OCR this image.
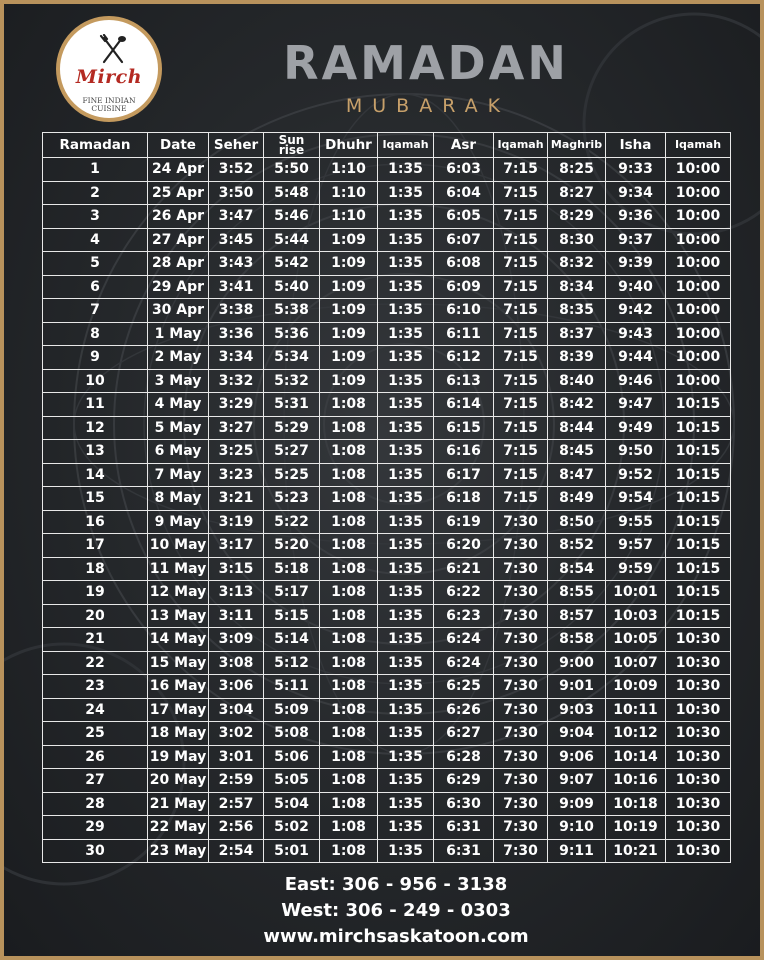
Mirch
FINE INDIAN CUISINE
RAMADAN
MUBARAK
Ramadan	Date	Seher	Sun rise	Dhuhr	Iqamah	Asr	Iqamah	Maghrib	Isha	Iqamah
1	24 Apr	3:52	5:50	1:10	1:35	6:03	7:15	8:25	9:33	10:00
2	25 Apr	3:50	5:48	1:10	1:35	6:04	7:15	8:27	9:34	10:00
3	26 Apr	3:47	5:46	1:10	1:35	6:05	7:15	8:29	9:36	10:00
4	27 Apr	3:45	5:44	1:09	1:35	6:07	7:15	8:30	9:37	10:00
5	28 Apr	3:43	5:42	1:09	1:35	6:08	7:15	8:32	9:39	10:00
6	29 Apr	3:41	5:40	1:09	1:35	6:09	7:15	8:34	9:40	10:00
7	30 Apr	3:38	5:38	1:09	1:35	6:10	7:15	8:35	9:42	10:00
8	1 May	3:36	5:36	1:09	1:35	6:11	7:15	8:37	9:43	10:00
9	2 May	3:34	5:34	1:09	1:35	6:12	7:15	8:39	9:44	10:00
10	3 May	3:32	5:32	1:09	1:35	6:13	7:15	8:40	9:46	10:00
11	4 May	3:29	5:31	1:08	1:35	6:14	7:15	8:42	9:47	10:15
12	5 May	3:27	5:29	1:08	1:35	6:15	7:15	8:44	9:49	10:15
13	6 May	3:25	5:27	1:08	1:35	6:16	7:15	8:45	9:50	10:15
14	7 May	3:23	5:25	1:08	1:35	6:17	7:15	8:47	9:52	10:15
15	8 May	3:21	5:23	1:08	1:35	6:18	7:15	8:49	9:54	10:15
16	9 May	3:19	5:22	1:08	1:35	6:19	7:30	8:50	9:55	10:15
17	10 May	3:17	5:20	1:08	1:35	6:20	7:30	8:52	9:57	10:15
18	11 May	3:15	5:18	1:08	1:35	6:21	7:30	8:54	9:59	10:15
19	12 May	3:13	5:17	1:08	1:35	6:22	7:30	8:55	10:01	10:15
20	13 May	3:11	5:15	1:08	1:35	6:23	7:30	8:57	10:03	10:15
21	14 May	3:09	5:14	1:08	1:35	6:24	7:30	8:58	10:05	10:30
22	15 May	3:08	5:12	1:08	1:35	6:24	7:30	9:00	10:07	10:30
23	16 May	3:06	5:11	1:08	1:35	6:25	7:30	9:01	10:09	10:30
24	17 May	3:04	5:09	1:08	1:35	6:26	7:30	9:03	10:11	10:30
25	18 May	3:02	5:08	1:08	1:35	6:27	7:30	9:04	10:12	10:30
26	19 May	3:01	5:06	1:08	1:35	6:28	7:30	9:06	10:14	10:30
27	20 May	2:59	5:05	1:08	1:35	6:29	7:30	9:07	10:16	10:30
28	21 May	2:57	5:04	1:08	1:35	6:30	7:30	9:09	10:18	10:30
29	22 May	2:56	5:02	1:08	1:35	6:31	7:30	9:10	10:19	10:30
30	23 May	2:54	5:01	1:08	1:35	6:31	7:30	9:11	10:21	10:30
East: 306 - 956 - 3138
West: 306 - 249 - 0303
www.mirchsaskatoon.com
